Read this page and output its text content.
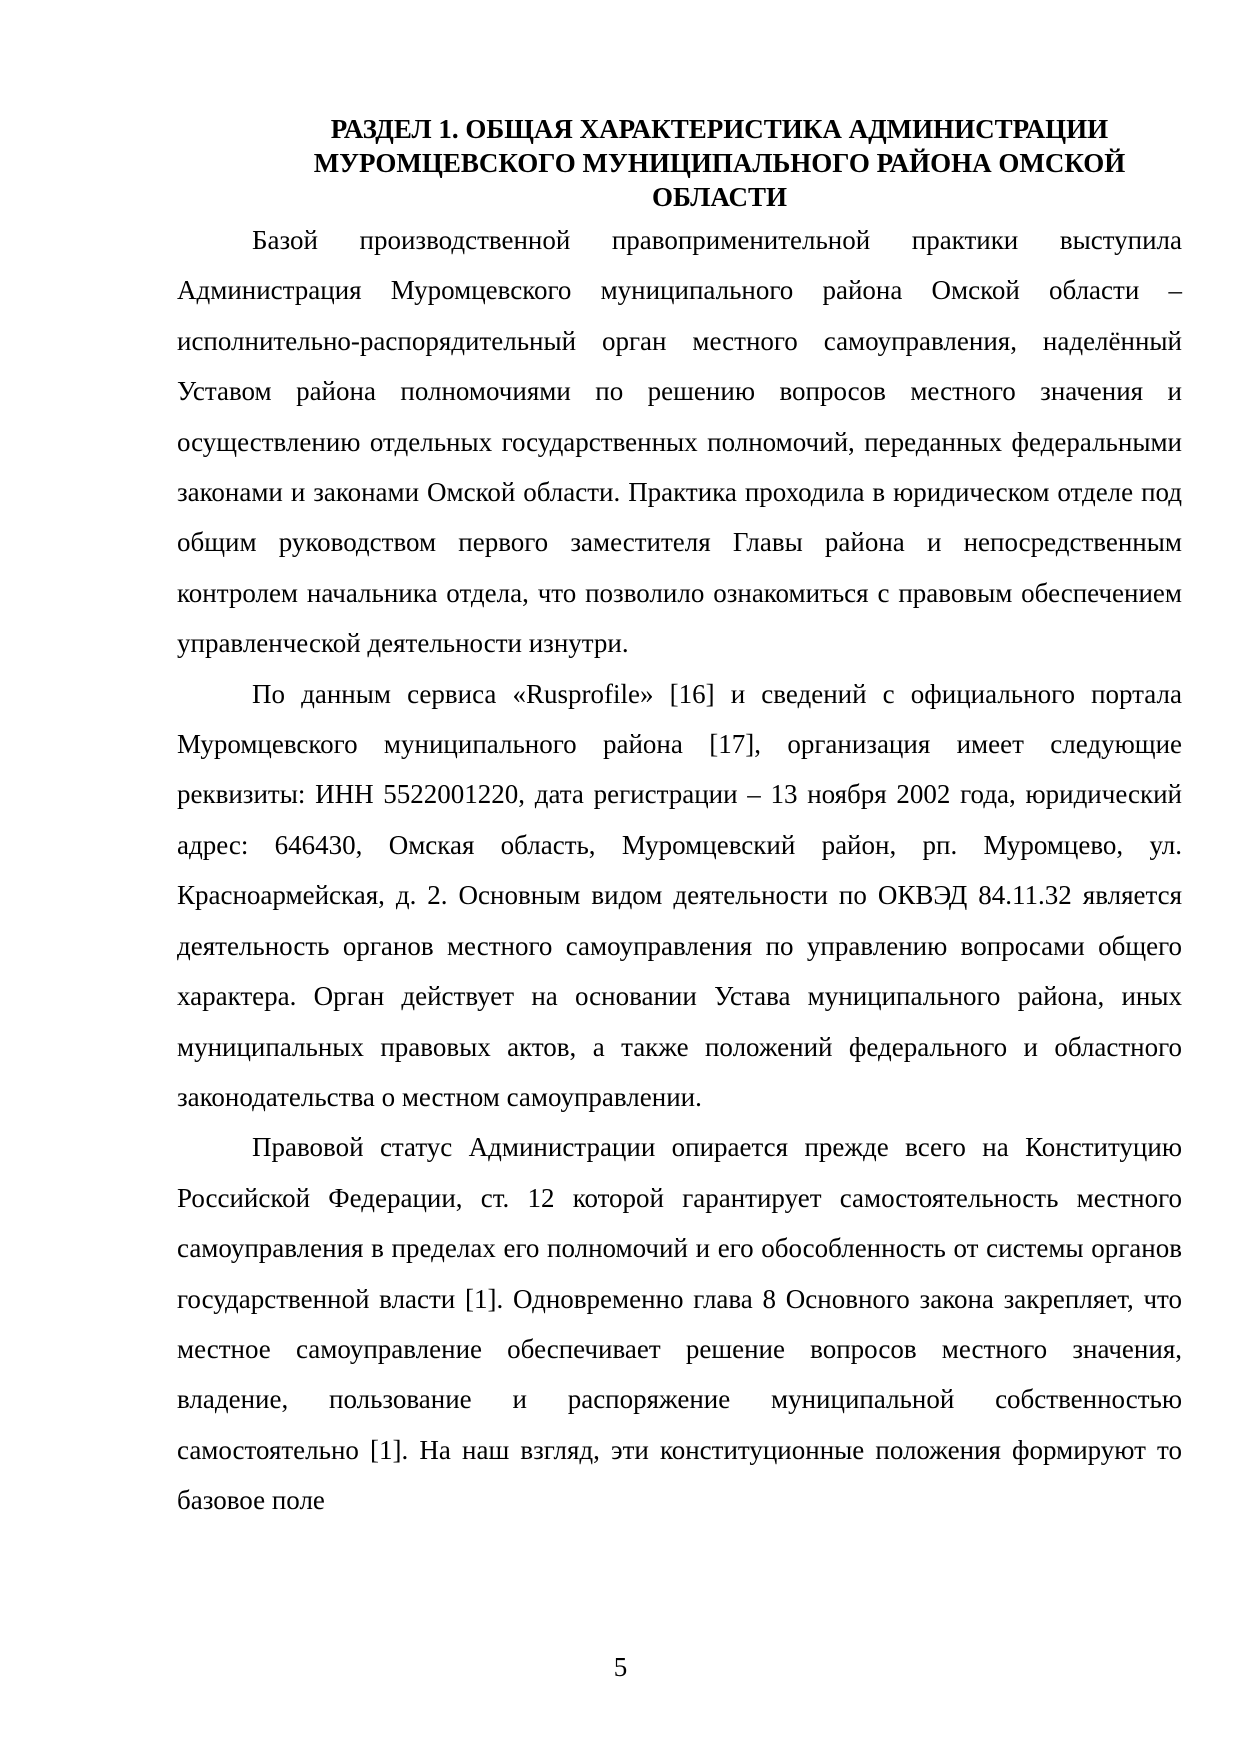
РАЗДЕЛ 1. ОБЩАЯ ХАРАКТЕРИСТИКА АДМИНИСТРАЦИИ
МУРОМЦЕВСКОГО МУНИЦИПАЛЬНОГО РАЙОНА ОМСКОЙ
ОБЛАСТИ

Базой производственной правоприменительной практики выступила Администрация Муромцевского муниципального района Омской области – исполнительно-распорядительный орган местного самоуправления, наделённый Уставом района полномочиями по решению вопросов местного значения и осуществлению отдельных государственных полномочий, переданных федеральными законами и законами Омской области. Практика проходила в юридическом отделе под общим руководством первого заместителя Главы района и непосредственным контролем начальника отдела, что позволило ознакомиться с правовым обеспечением управленческой деятельности изнутри.

По данным сервиса «Rusprofile» [16] и сведений с официального портала Муромцевского муниципального района [17], организация имеет следующие реквизиты: ИНН 5522001220, дата регистрации – 13 ноября 2002 года, юридический адрес: 646430, Омская область, Муромцевский район, рп. Муромцево, ул. Красноармейская, д. 2. Основным видом деятельности по ОКВЭД 84.11.32 является деятельность органов местного самоуправления по управлению вопросами общего характера. Орган действует на основании Устава муниципального района, иных муниципальных правовых актов, а также положений федерального и областного законодательства о местном самоуправлении.

Правовой статус Администрации опирается прежде всего на Конституцию Российской Федерации, ст. 12 которой гарантирует самостоятельность местного самоуправления в пределах его полномочий и его обособленность от системы органов государственной власти [1]. Одновременно глава 8 Основного закона закрепляет, что местное самоуправление обеспечивает решение вопросов местного значения, владение, пользование и распоряжение муниципальной собственностью самостоятельно [1]. На наш взгляд, эти конституционные положения формируют то базовое поле

5
